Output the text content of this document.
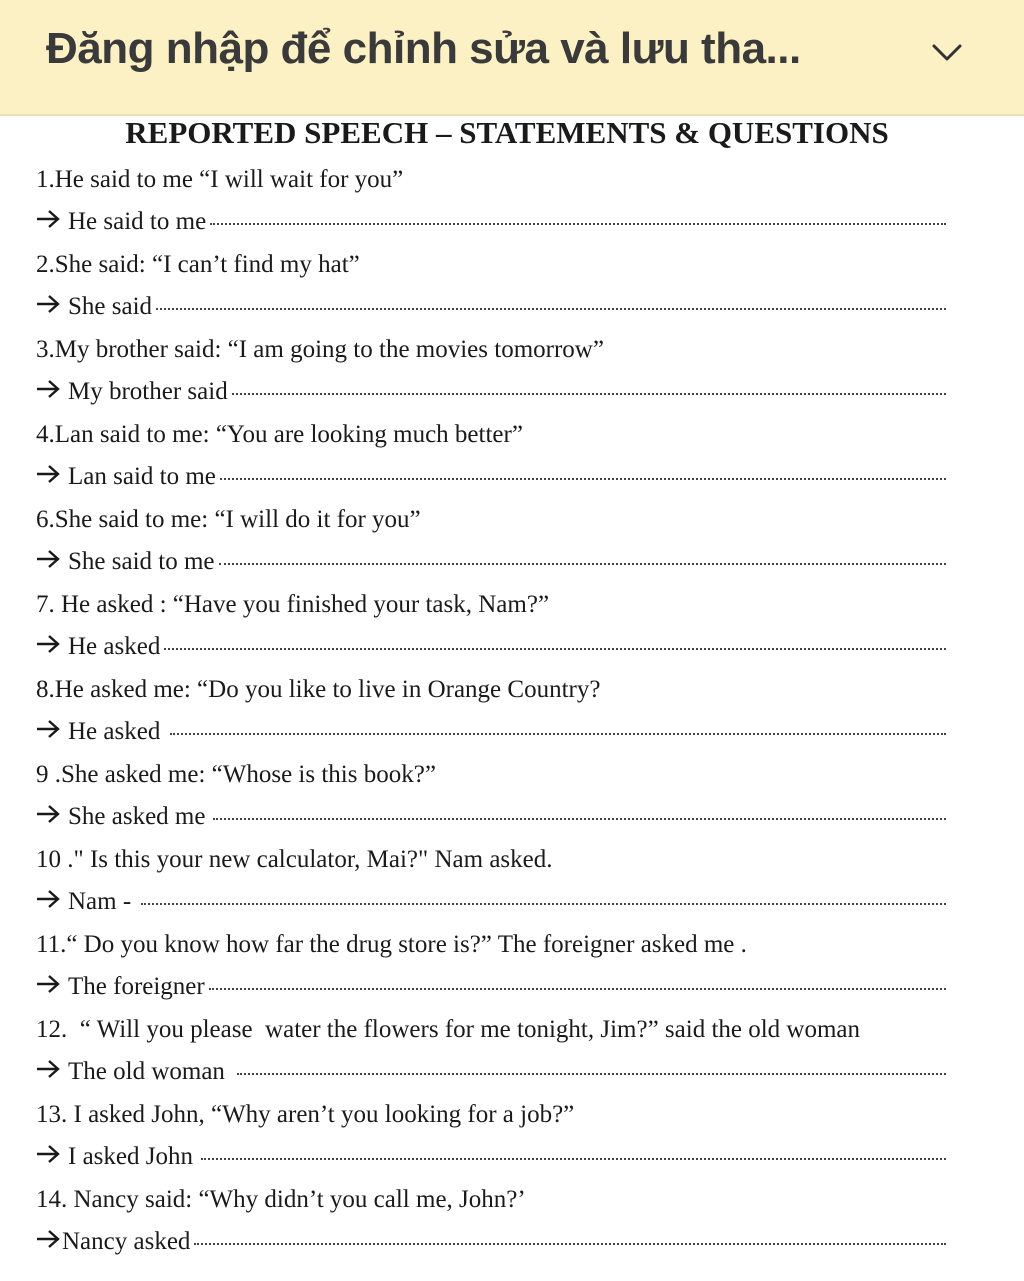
Đăng nhập để chỉnh sửa và lưu tha...
REPORTED SPEECH – STATEMENTS & QUESTIONS
1.He said to me “I will wait for you”
He said to me
2.She said: “I can’t find my hat”
She said
3.My brother said: “I am going to the movies tomorrow”
My brother said
4.Lan said to me: “You are looking much better”
Lan said to me
6.She said to me: “I will do it for you”
She said to me
7. He asked : “Have you finished your task, Nam?”
He asked
8.He asked me: “Do you like to live in Orange Country?
He asked
9 .She asked me: “Whose is this book?”
She asked me
10 ." Is this your new calculator, Mai?" Nam asked.
Nam -
11.“ Do you know how far the drug store is?” The foreigner asked me .
The foreigner
12.  “ Will you please  water the flowers for me tonight, Jim?” said the old woman
The old woman
13. I asked John, “Why aren’t you looking for a job?”
I asked John
14. Nancy said: “Why didn’t you call me, John?’
Nancy asked
